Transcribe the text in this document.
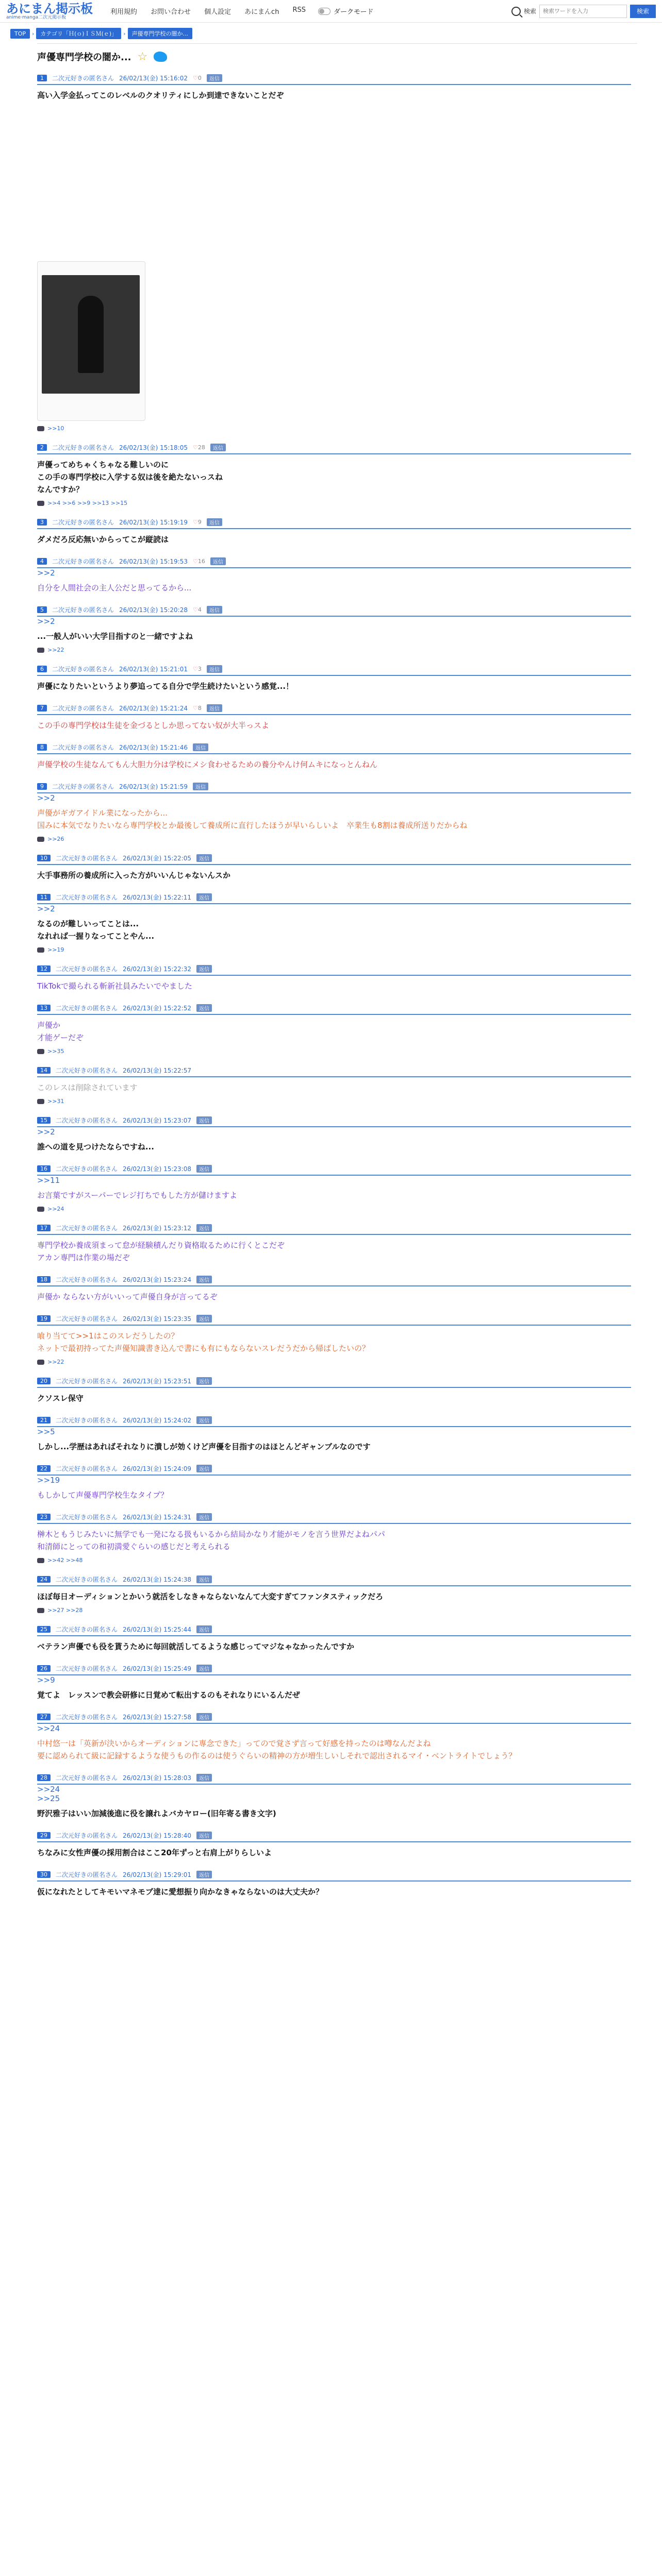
あにまん掲示板
anime·manga二次元掲示板
利用規約 お問い合わせ 個人設定 あにまんch RSS	ダークモード	検索
検索ワードを入力	検索
TOP	›	カテゴリ「Ｈ(ｏ)ＩＳＭ(ｅ)」	›	声優専門学校の闇か...
声優専門学校の闇か... ☆
1	二次元好きの匿名さん 26/02/13(金) 15:16:02	♡ 0	返信
高い入学金払ってこのレベルのクオリティにしか到達できないことだぞ
>>10
2	二次元好きの匿名さん 26/02/13(金) 15:18:05	♡ 28	返信
声優ってめちゃくちゃなる難しいのに
この手の専門学校に入学する奴は後を絶たないっスね
なんですか？
>>4 >>6 >>9 >>13 >>15
3	二次元好きの匿名さん 26/02/13(金) 15:19:19	♡ 9	返信
ダメだろ反応無いからってこが縦読は
4	二次元好きの匿名さん 26/02/13(金) 15:19:53	♡ 16	返信
>>2
自分を人間社会の主人公だと思ってるから...
5	二次元好きの匿名さん 26/02/13(金) 15:20:28	♡ 4	返信
>>2
...一般人がいい大学目指すのと一緒ですよね
>>22
6	二次元好きの匿名さん 26/02/13(金) 15:21:01	♡ 3	返信
声優になりたいというより夢追ってる自分で学生続けたいという感覚...！
7	二次元好きの匿名さん 26/02/13(金) 15:21:24	♡ 8	返信
この手の専門学校は生徒を金づるとしか思ってない奴が大半っスよ
8	二次元好きの匿名さん 26/02/13(金) 15:21:46	返信
声優学校の生徒なんてもん大胆力分は学校にメシ食わせるための養分やんけ何ムキになっとんねん
9	二次元好きの匿名さん 26/02/13(金) 15:21:59	返信
>>2
声優がギガアイドル業になったから...
国みに本気でなりたいなら専門学校とか最後して養成所に直行したほうが早いらしいよ　卒業生も8割は養成所送りだからね
>>26
10	二次元好きの匿名さん 26/02/13(金) 15:22:05	返信
大手事務所の養成所に入った方がいいんじゃないんスか
11	二次元好きの匿名さん 26/02/13(金) 15:22:11	返信
>>2
なるのが難しいってことは...
なれれば一握りなってことやん...
>>19
12	二次元好きの匿名さん 26/02/13(金) 15:22:32	返信
TikTokで撮られる斬新社員みたいでやました
13	二次元好きの匿名さん 26/02/13(金) 15:22:52	返信
声優か
才能ゲーだぞ
>>35
14	二次元好きの匿名さん 26/02/13(金) 15:22:57
このレスは削除されています
>>31
15	二次元好きの匿名さん 26/02/13(金) 15:23:07	返信
>>2
誰への道を見つけたならですね...
16	二次元好きの匿名さん 26/02/13(金) 15:23:08	返信
>>11
お言葉ですがスーパーでレジ打ちでもした方が儲けますよ
>>24
17	二次元好きの匿名さん 26/02/13(金) 15:23:12	返信
専門学校か養成須まって怠が経験積んだり資格取るために行くとこだぞ
アカン専門は作業の場だぞ
18	二次元好きの匿名さん 26/02/13(金) 15:23:24	返信
声優か ならない方がいいって声優自身が言ってるぞ
19	二次元好きの匿名さん 26/02/13(金) 15:23:35	返信
喰り当てて>>1はこのスレだうしたの？
ネットで最初持ってた声優知識書き込んで書にも有にもならないスレだうだから帰ばしたいの？
>>22
20	二次元好きの匿名さん 26/02/13(金) 15:23:51	返信
クソスレ保守
21	二次元好きの匿名さん 26/02/13(金) 15:24:02	返信
>>5
しかし...学歴はあればそれなりに潰しが効くけど声優を目指すのはほとんどギャンブルなのです
22	二次元好きの匿名さん 26/02/13(金) 15:24:09	返信
>>19
もしかして声優専門学校生なタイプ？
23	二次元好きの匿名さん 26/02/13(金) 15:24:31	返信
榊木ともうじみたいに無学でも一発になる扱もいるから結局かなり才能がモノを言う世界だよねパパ
和清師にとっての和初満愛ぐらいの感じだと考えられる
>>42 >>48
24	二次元好きの匿名さん 26/02/13(金) 15:24:38	返信
ほぼ毎日オーディションとかいう就活をしなきゃならないなんて大変すぎてファンタスティックだろ
>>27 >>28
25	二次元好きの匿名さん 26/02/13(金) 15:25:44	返信
ベテラン声優でも役を貰うために毎回就活してるような感じってマジなゃなかったんですか
26	二次元好きの匿名さん 26/02/13(金) 15:25:49	返信
>>9
覚てよ　レッスンで教会研修に日覚めて転出するのもそれなりにいるんだぜ
27	二次元好きの匿名さん 26/02/13(金) 15:27:58	返信
>>24
中村悠一は「英新が決いからオーディションに専念できた」ってので覚さず言って好感を持ったのは噂なんだよね
要に認められて級に記録するような使うもの作るのは使うぐらいの精神の方が増生しいしそれで認出されるマイ・ベントライトでしょう？
28	二次元好きの匿名さん 26/02/13(金) 15:28:03	返信
>>24
>>25
野沢雅子はいい加減後進に役を譲れよバカヤロー(旧年寄る書き文字)
29	二次元好きの匿名さん 26/02/13(金) 15:28:40	返信
ちなみに女性声優の採用割合はここ20年ずっと右肩上がりらしいよ
30	二次元好きの匿名さん 26/02/13(金) 15:29:01	返信
仮になれたとしてキモいマネモブ達に愛想振り向かなきゃならないのは大丈夫か？
